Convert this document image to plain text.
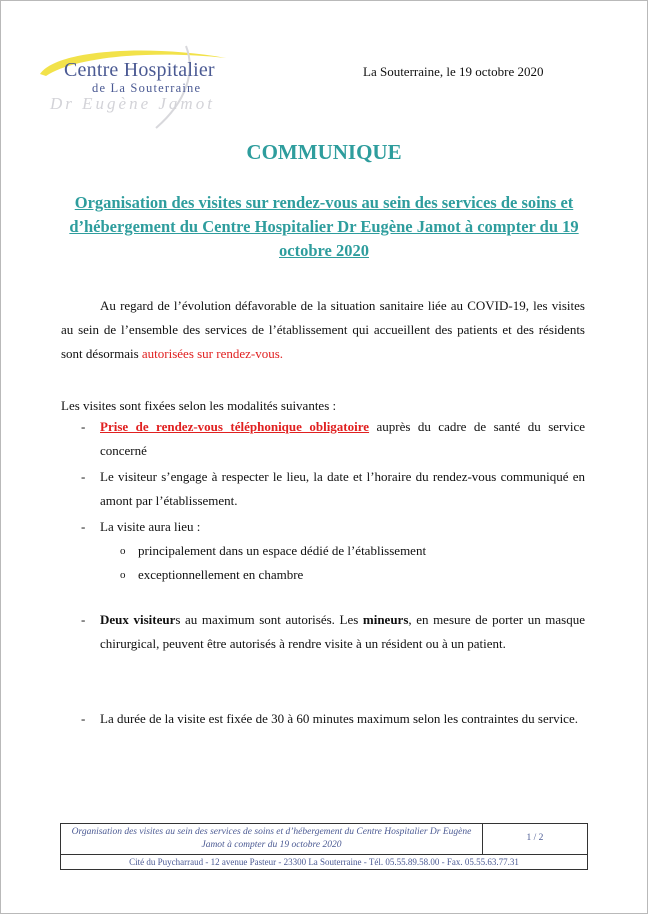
Centre Hospitalier
de La Souterraine
Dr Eugène Jamot
La Souterraine, le 19 octobre 2020
COMMUNIQUE
Organisation des visites sur rendez-vous au sein des services de soins et d’hébergement du Centre Hospitalier Dr Eugène Jamot à compter du 19 octobre 2020
Au regard de l’évolution défavorable de la situation sanitaire liée au COVID-19, les visites au sein de l’ensemble des services de l’établissement qui accueillent des patients et des résidents sont désormais autorisées sur rendez-vous.
Les visites sont fixées selon les modalités suivantes :
- Prise de rendez-vous téléphonique obligatoire auprès du cadre de santé du service concerné
- Le visiteur s’engage à respecter le lieu, la date et l’horaire du rendez-vous communiqué en amont par l’établissement.
- La visite aura lieu :
o principalement dans un espace dédié de l’établissement
o exceptionnellement en chambre
- Deux visiteurs au maximum sont autorisés. Les mineurs, en mesure de porter un masque chirurgical, peuvent être autorisés à rendre visite à un résident ou à un patient.
- La durée de la visite est fixée de 30 à 60 minutes maximum selon les contraintes du service.
Organisation des visites au sein des services de soins et d’hébergement du Centre Hospitalier Dr Eugène Jamot à compter du 19 octobre 2020
1 / 2
Cité du Puycharraud - 12 avenue Pasteur - 23300 La Souterraine - Tél. 05.55.89.58.00 - Fax. 05.55.63.77.31
